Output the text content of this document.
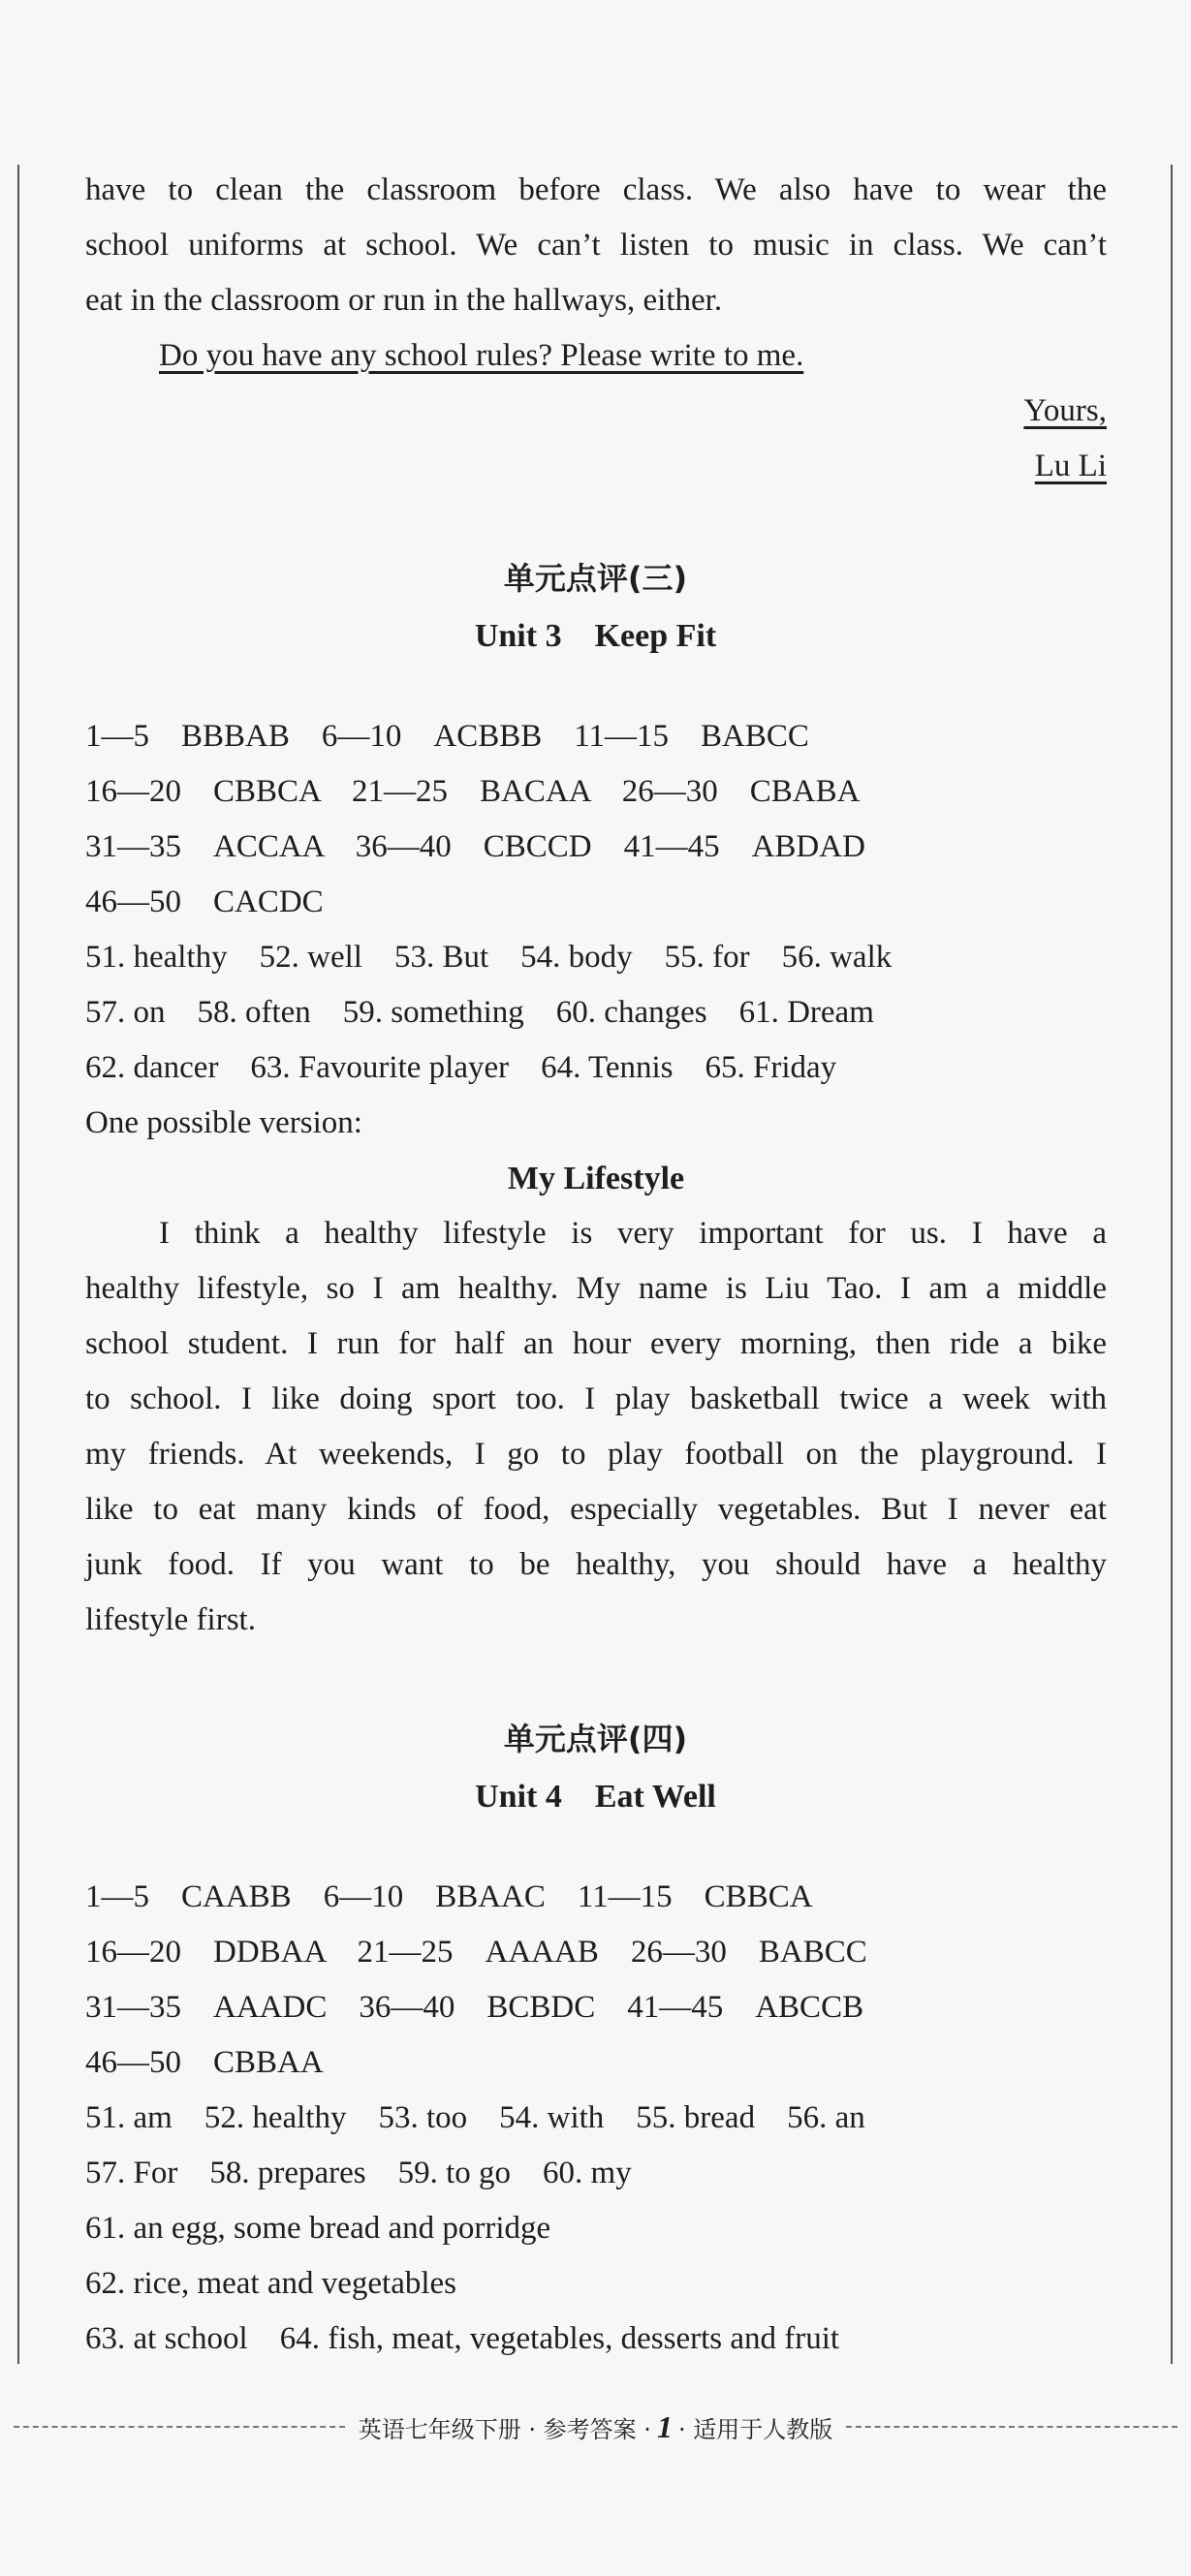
have to clean the classroom before class. We also have to wear the
school uniforms at school. We can’t listen to music in class. We can’t
eat in the classroom or run in the hallways, either.
Do you have any school rules? Please write to me.
Yours,
Lu Li
单元点评(三)
Unit 3　Keep Fit
1—5　BBBAB　6—10　ACBBB　11—15　BABCC
16—20　CBBCA　21—25　BACAA　26—30　CBABA
31—35　ACCAA　36—40　CBCCD　41—45　ABDAD
46—50　CACDC
51. healthy　52. well　53. But　54. body　55. for　56. walk
57. on　58. often　59. something　60. changes　61. Dream
62. dancer　63. Favourite player　64. Tennis　65. Friday
One possible version:
My Lifestyle
I think a healthy lifestyle is very important for us. I have a
healthy lifestyle, so I am healthy. My name is Liu Tao. I am a middle
school student. I run for half an hour every morning, then ride a bike
to school. I like doing sport too. I play basketball twice a week with
my friends. At weekends, I go to play football on the playground. I
like to eat many kinds of food, especially vegetables. But I never eat
junk food. If you want to be healthy, you should have a healthy
lifestyle first.
单元点评(四)
Unit 4　Eat Well
1—5　CAABB　6—10　BBAAC　11—15　CBBCA
16—20　DDBAA　21—25　AAAAB　26—30　BABCC
31—35　AAADC　36—40　BCBDC　41—45　ABCCB
46—50　CBBAA
51. am　52. healthy　53. too　54. with　55. bread　56. an
57. For　58. prepares　59. to go　60. my
61. an egg, some bread and porridge
62. rice, meat and vegetables
63. at school　64. fish, meat, vegetables, desserts and fruit
英语七年级下册 · 参考答案 · 1 · 适用于人教版
